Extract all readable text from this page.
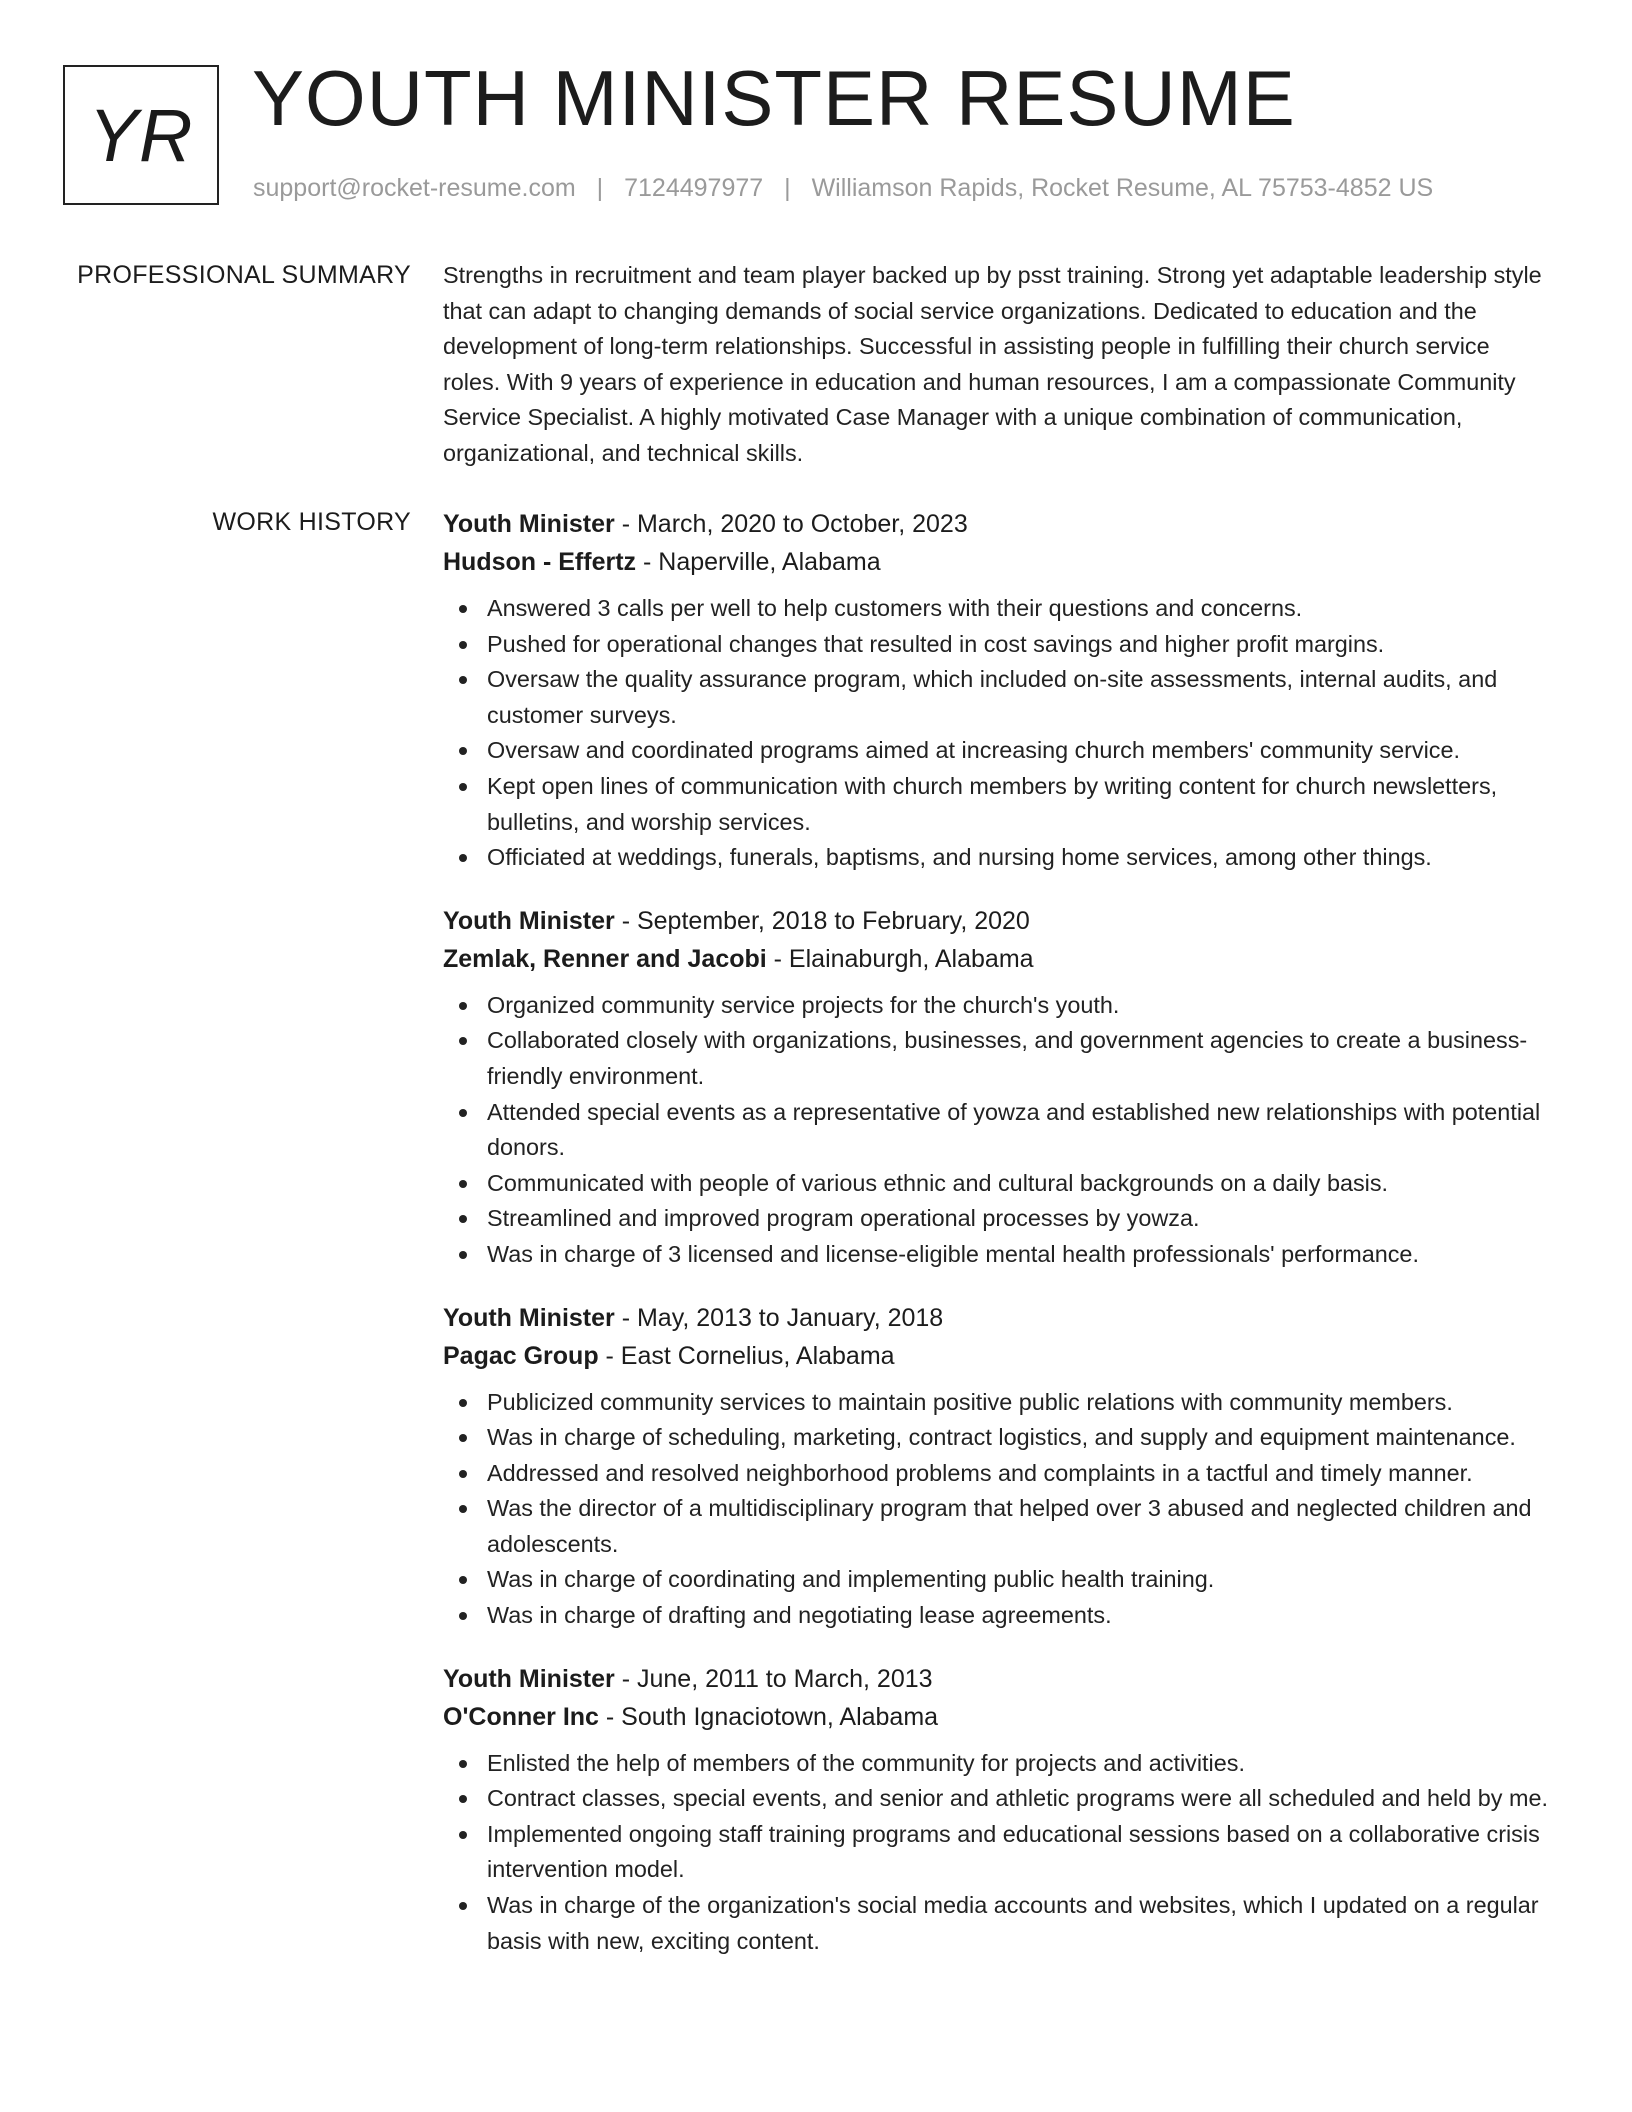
YR YOUTH MINISTER RESUME
support@rocket-resume.com | 7124497977 | Williamson Rapids, Rocket Resume, AL 75753-4852 US
PROFESSIONAL SUMMARY Strengths in recruitment and team player backed up by psst training. Strong yet adaptable leadership style that can adapt to changing demands of social service organizations. Dedicated to education and the development of long-term relationships. Successful in assisting people in fulfilling their church service roles. With 9 years of experience in education and human resources, I am a compassionate Community Service Specialist. A highly motivated Case Manager with a unique combination of communication, organizational, and technical skills.

WORK HISTORY Youth Minister - March, 2020 to October, 2023
Hudson - Effertz - Naperville, Alabama
Answered 3 calls per well to help customers with their questions and concerns.
Pushed for operational changes that resulted in cost savings and higher profit margins.
Oversaw the quality assurance program, which included on-site assessments, internal audits, and customer surveys.
Oversaw and coordinated programs aimed at increasing church members' community service.
Kept open lines of communication with church members by writing content for church newsletters, bulletins, and worship services.
Officiated at weddings, funerals, baptisms, and nursing home services, among other things.
Youth Minister - September, 2018 to February, 2020
Zemlak, Renner and Jacobi - Elainaburgh, Alabama
Organized community service projects for the church's youth.
Collaborated closely with organizations, businesses, and government agencies to create a business-friendly environment.
Attended special events as a representative of yowza and established new relationships with potential donors.
Communicated with people of various ethnic and cultural backgrounds on a daily basis.
Streamlined and improved program operational processes by yowza.
Was in charge of 3 licensed and license-eligible mental health professionals' performance.
Youth Minister - May, 2013 to January, 2018
Pagac Group - East Cornelius, Alabama
Publicized community services to maintain positive public relations with community members.
Was in charge of scheduling, marketing, contract logistics, and supply and equipment maintenance.
Addressed and resolved neighborhood problems and complaints in a tactful and timely manner.
Was the director of a multidisciplinary program that helped over 3 abused and neglected children and adolescents.
Was in charge of coordinating and implementing public health training.
Was in charge of drafting and negotiating lease agreements.
Youth Minister - June, 2011 to March, 2013
O'Conner Inc - South Ignaciotown, Alabama
Enlisted the help of members of the community for projects and activities.
Contract classes, special events, and senior and athletic programs were all scheduled and held by me.
Implemented ongoing staff training programs and educational sessions based on a collaborative crisis intervention model.
Was in charge of the organization's social media accounts and websites, which I updated on a regular basis with new, exciting content.
